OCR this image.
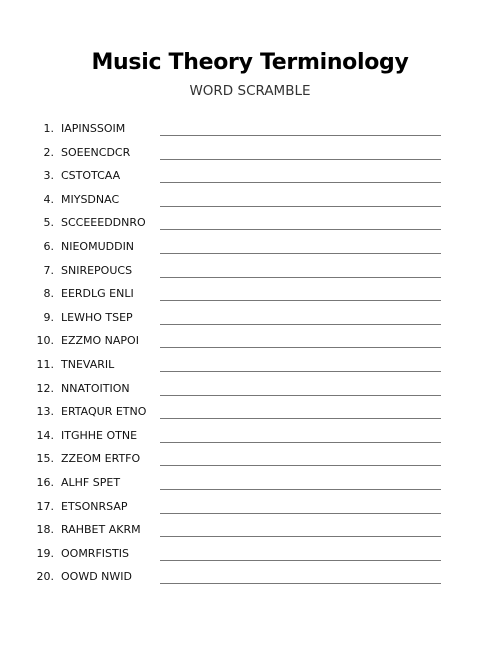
Music Theory Terminology
WORD SCRAMBLE
1. IAPINSSOIM
2. SOEENCDCR
3. CSTOTCAA
4. MIYSDNAC
5. SCCEEEDDNRO
6. NIEOMUDDIN
7. SNIREPOUCS
8. EERDLG ENLI
9. LEWHO TSEP
10. EZZMO NAPOI
11. TNEVARIL
12. NNATOITION
13. ERTAQUR ETNO
14. ITGHHE OTNE
15. ZZEOM ERTFO
16. ALHF SPET
17. ETSONRSAP
18. RAHBET AKRM
19. OOMRFISTIS
20. OOWD NWID
